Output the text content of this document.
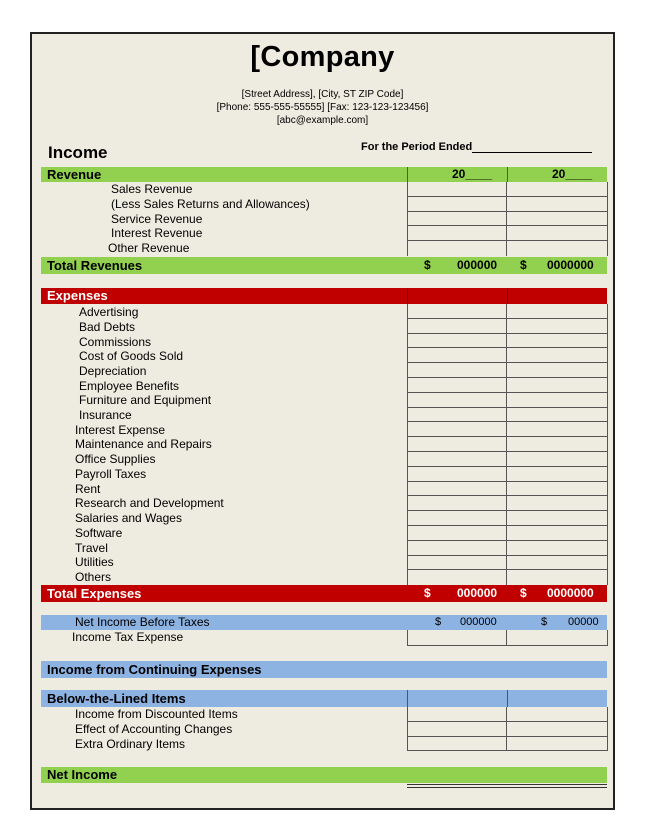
[Company
[Street Address], [City, ST ZIP Code]
[Phone: 555-555-55555] [Fax: 123-123-123456]
[abc@example.com]
Income	For the Period Ended
Revenue	20____	20____
Sales Revenue
(Less Sales Returns and Allowances)
Service Revenue
Interest Revenue
Other Revenue
Total Revenues	$ 000000 $ 0000000
Expenses
Advertising
Bad Debts
Commissions
Cost of Goods Sold
Depreciation
Employee Benefits
Furniture and Equipment
Insurance
Interest Expense
Maintenance and Repairs
Office Supplies
Payroll Taxes
Rent
Research and Development
Salaries and Wages
Software
Travel
Utilities
Others
Total Expenses	$ 000000 $ 0000000
Net Income Before Taxes	$ 000000	$ 00000
Income Tax Expense
Income from Continuing Expenses
Below-the-Lined Items
Income from Discounted Items
Effect of Accounting Changes
Extra Ordinary Items
Net Income
